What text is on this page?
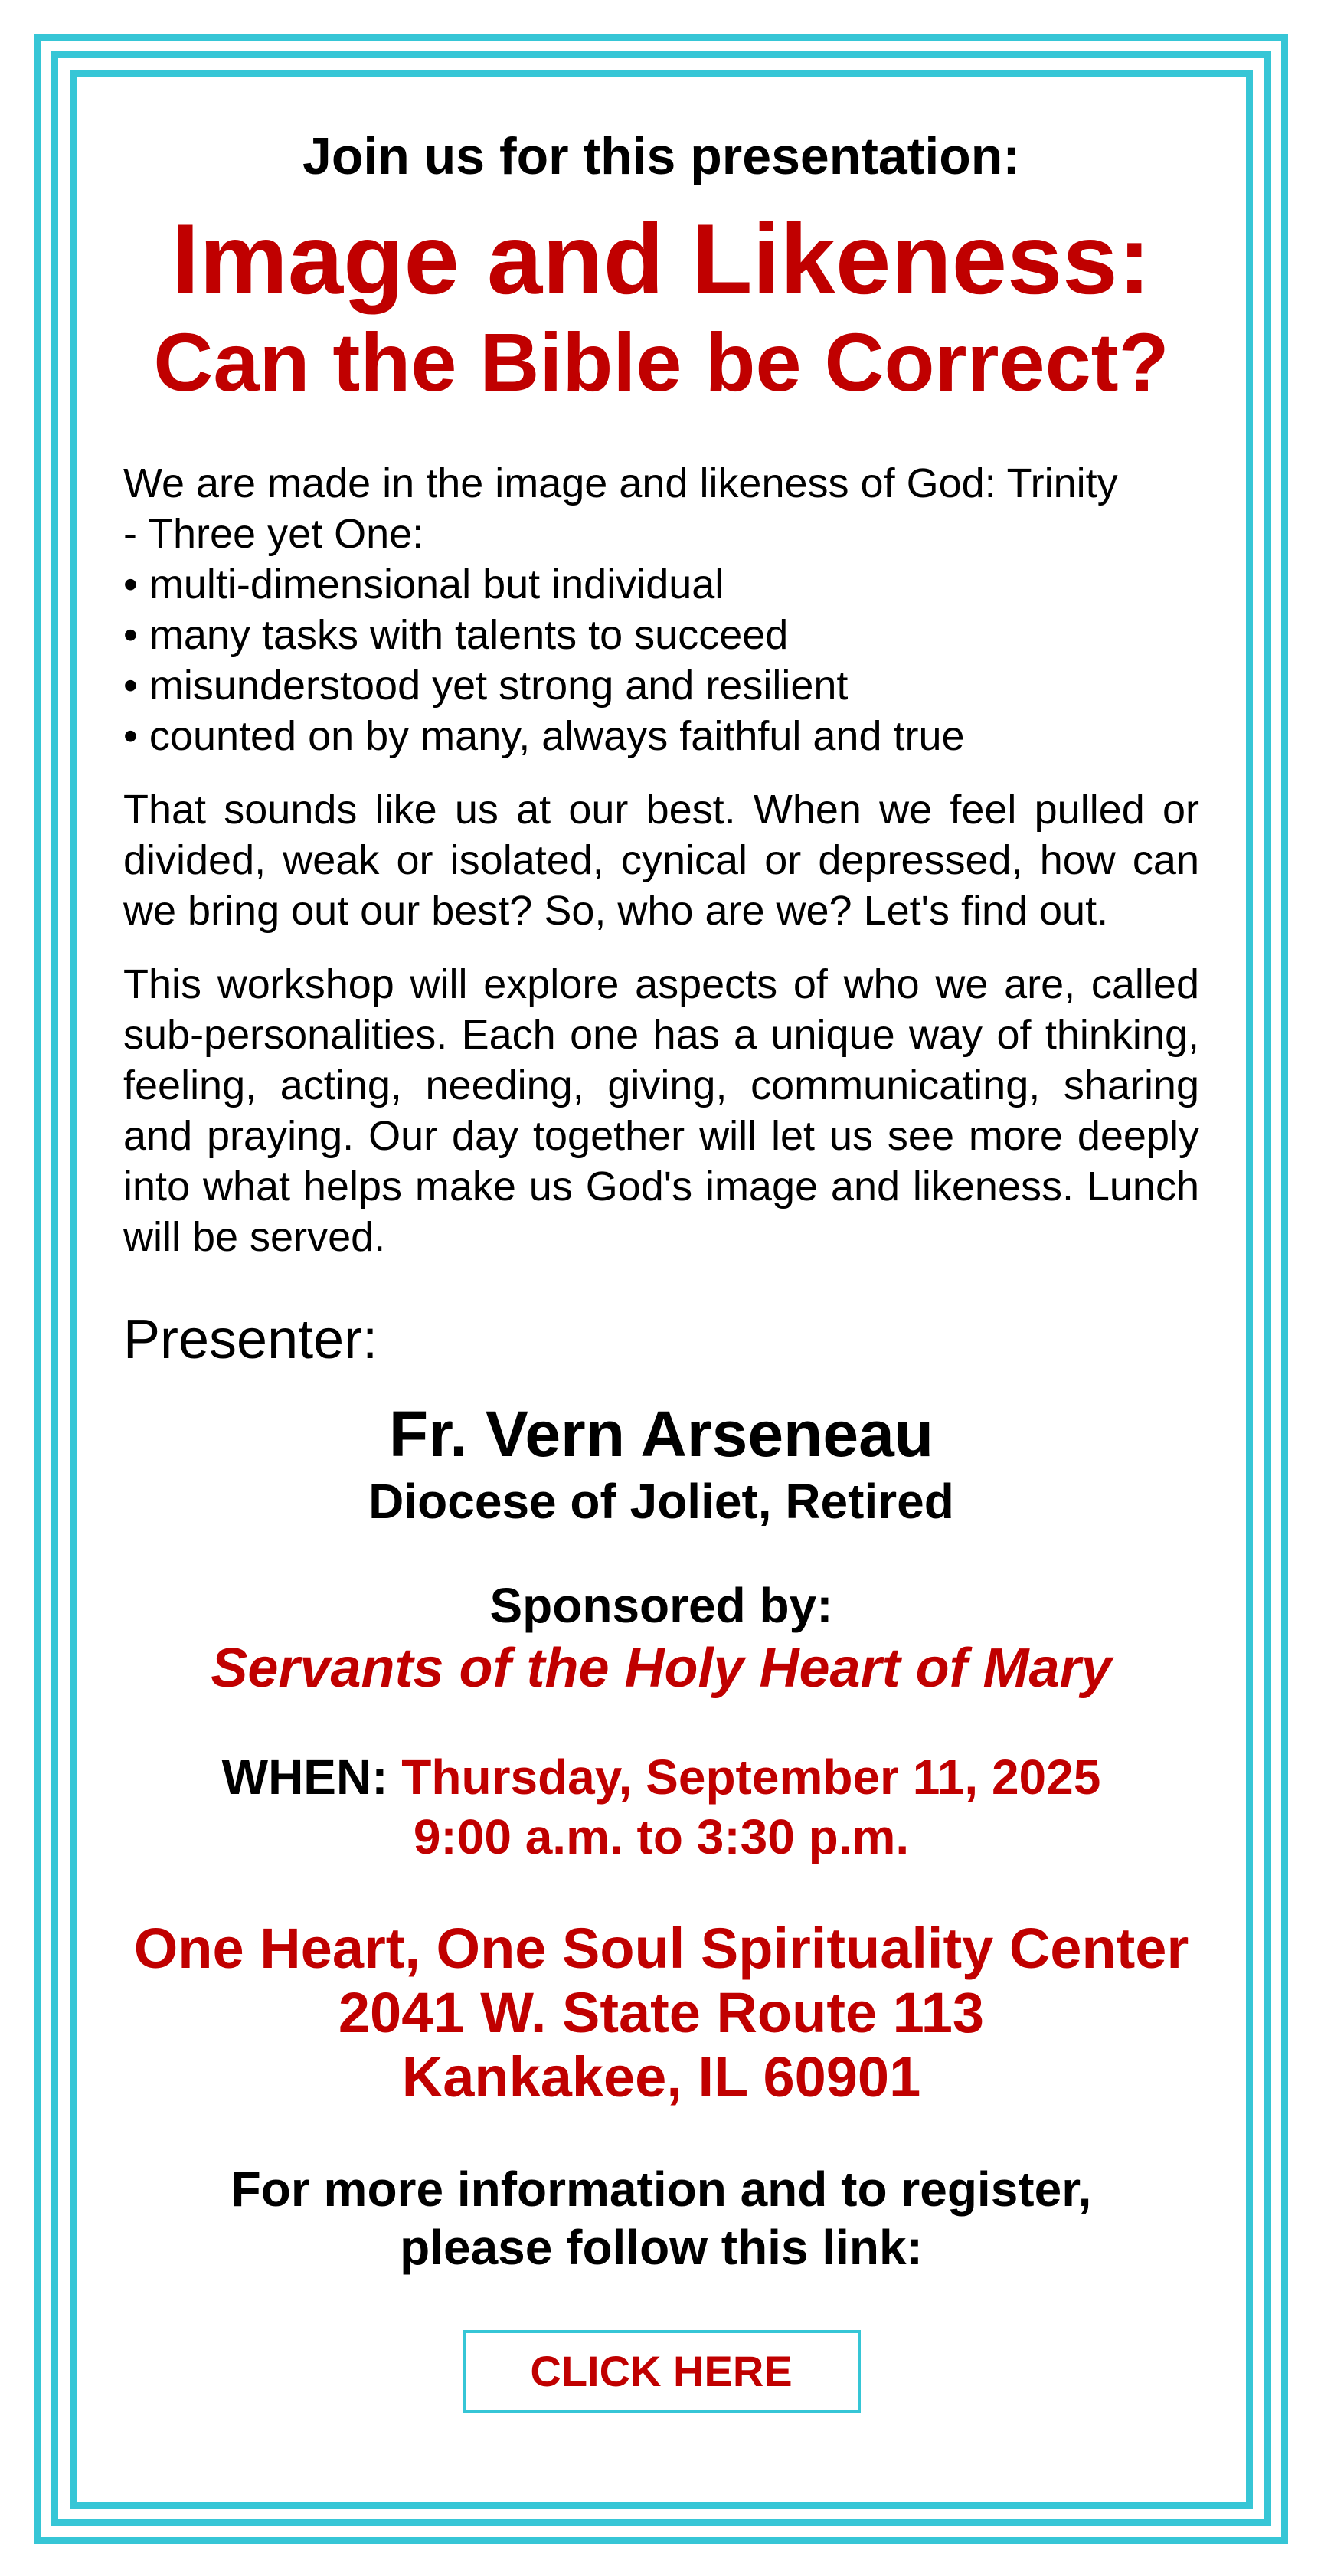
Join us for this presentation:

Image and Likeness:
Can the Bible be Correct?

We are made in the image and likeness of God: Trinity

- Three yet One:

• multi-dimensional but individual
• many tasks with talents to succeed
• misunderstood yet strong and resilient
• counted on by many, always faithful and true

That sounds like us at our best. When we feel pulled or divided, weak or isolated, cynical or depressed, how can we bring out our best? So, who are we? Let's find out.

This workshop will explore aspects of who we are, called sub-personalities. Each one has a unique way of thinking, feeling, acting, needing, giving, communicating, sharing and praying. Our day together will let us see more deeply into what helps make us God's image and likeness. Lunch will be served.

Presenter:

Fr. Vern Arseneau

Diocese of Joliet, Retired

Sponsored by:

Servants of the Holy Heart of Mary

WHEN: Thursday, September 11, 2025

9:00 a.m. to 3:30 p.m.

One Heart, One Soul Spirituality Center
2041 W. State Route 113
Kankakee, IL 60901
For more information and to register,
please follow this link:
CLICK HERE
